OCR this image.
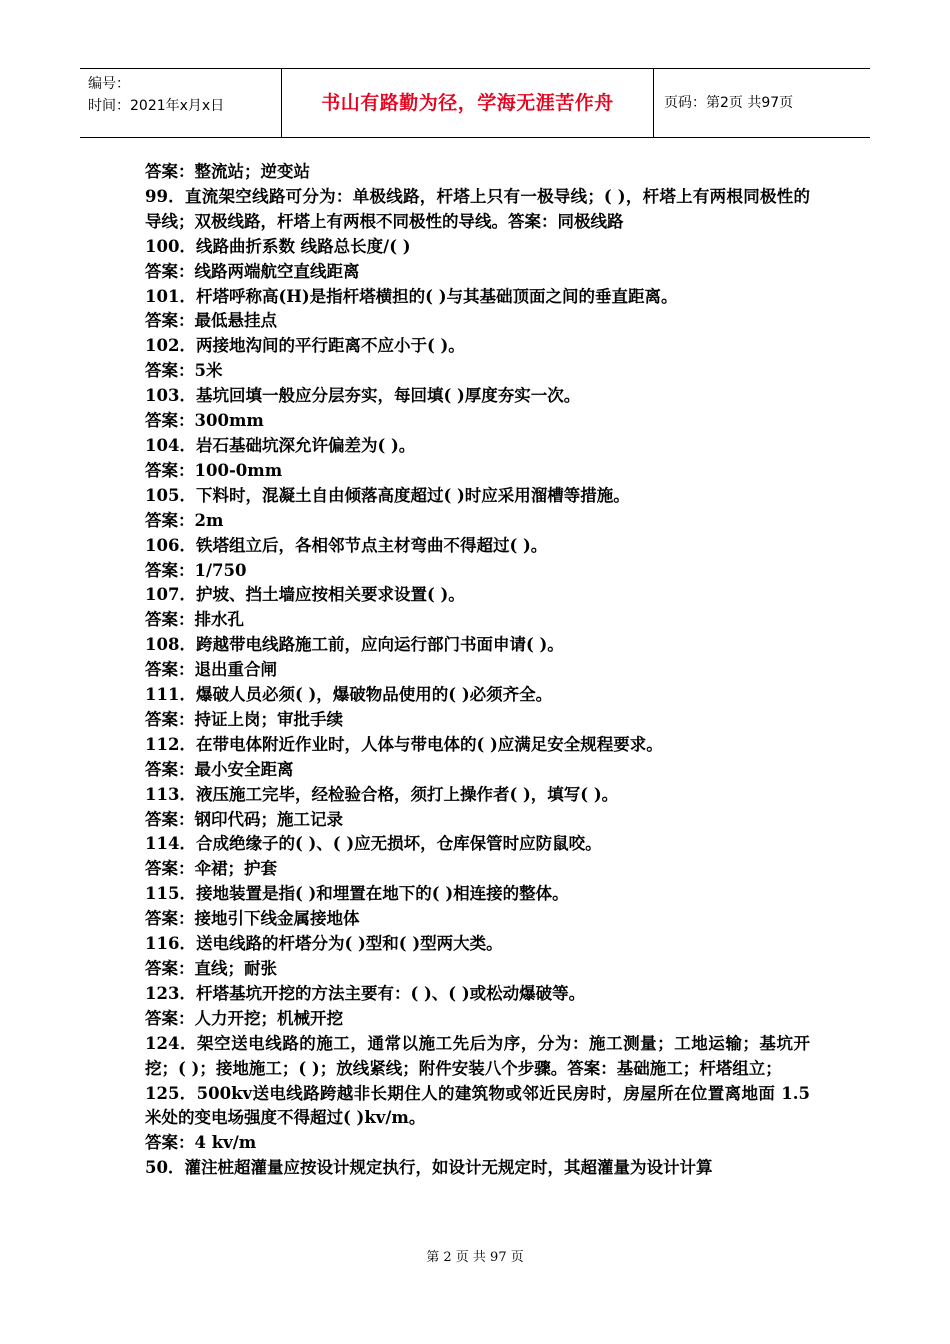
编号：
时间：2021年x月x日	书山有路勤为径，学海无涯苦作舟	页码：第2页 共97页

答案：整流站；逆变站

99．直流架空线路可分为：单极线路，杆塔上只有一极导线；( )，杆塔上有两根同极性的导线；双极线路，杆塔上有两根不同极性的导线。答案：同极线路

100．线路曲折系数 线路总长度/( )

答案：线路两端航空直线距离

101．杆塔呼称高(H)是指杆塔横担的( )与其基础顶面之间的垂直距离。

答案：最低悬挂点

102．两接地沟间的平行距离不应小于( )。

答案：5米

103．基坑回填一般应分层夯实，每回填( )厚度夯实一次。

答案：300mm

104．岩石基础坑深允许偏差为( )。

答案：100-0mm

105．下料时，混凝土自由倾落高度超过( )时应采用溜槽等措施。

答案：2m

106．铁塔组立后，各相邻节点主材弯曲不得超过( )。

答案：1/750

107．护坡、挡土墙应按相关要求设置( )。

答案：排水孔

108．跨越带电线路施工前，应向运行部门书面申请( )。

答案：退出重合闸

111．爆破人员必须( )，爆破物品使用的( )必须齐全。

答案：持证上岗；审批手续

112．在带电体附近作业时，人体与带电体的( )应满足安全规程要求。

答案：最小安全距离

113．液压施工完毕，经检验合格，须打上操作者( )，填写( )。

答案：钢印代码；施工记录

114．合成绝缘子的( )、( )应无损坏，仓库保管时应防鼠咬。

答案：伞裙；护套

115．接地装置是指( )和埋置在地下的( )相连接的整体。

答案：接地引下线金属接地体

116．送电线路的杆塔分为( )型和( )型两大类。

答案：直线；耐张

123．杆塔基坑开挖的方法主要有：( )、( )或松动爆破等。

答案：人力开挖；机械开挖

124．架空送电线路的施工，通常以施工先后为序，分为：施工测量；工地运输；基坑开挖；( )；接地施工；( )；放线紧线；附件安装八个步骤。答案：基础施工；杆塔组立；

125．500kv送电线路跨越非长期住人的建筑物或邻近民房时，房屋所在位置离地面 1.5米处的变电场强度不得超过( )kv/m。

答案：4 kv/m

50．灌注桩超灌量应按设计规定执行，如设计无规定时，其超灌量为设计计算

第 2 页 共 97 页
